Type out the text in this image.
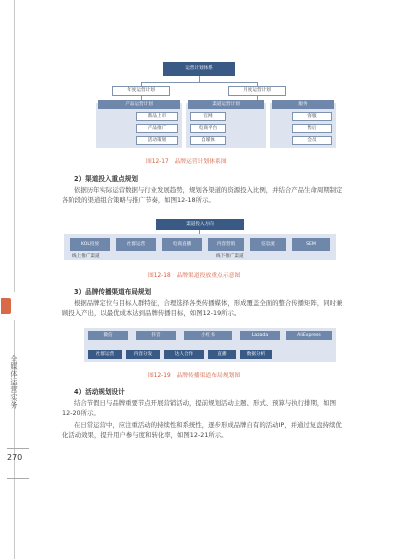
全媒体运营实务
270
运营计划体系
年度运营计划	月度运营计划
产品运营计划	渠道运营计划	服务
新品上市
产品推广
活动策划
官网
电商平台
自媒体
客服
售后
会员
图12-17　品牌运营计划体系图
2）渠道投入重点规划
依据历年实际运营数据与行业发展趋势，规划各渠道的资源投入比例，并结合产品生命周期制定各阶段的渠道组合策略与推广节奏，如图12-18所示。
渠道投入方向
KOL投放	社群运营	电商直播	内容营销	信息流	SEM
线上推广渠道	线下推广渠道
图12-18　品牌渠道投放重点示意图
3）品牌传播渠道布局规划
根据品牌定位与目标人群特征，合理选择各类传播媒体，形成覆盖全面的整合传播矩阵，同时兼顾投入产出，以最优成本达到品牌传播目标，如图12-19所示。
微信	抖音	小红书	Lazada	AliExpress
社群运营	内容分发	达人合作	直播	数据分析
图12-19　品牌传播渠道布局规划图
4）活动规划设计
结合节假日与品牌重要节点开展营销活动，提前规划活动主题、形式、预算与执行排期，如图12-20所示。
在日常运营中，应注重活动的持续性和系统性，逐步形成品牌自有的活动IP，并通过复盘持续优化活动效果，提升用户参与度和转化率，如图12-21所示。
